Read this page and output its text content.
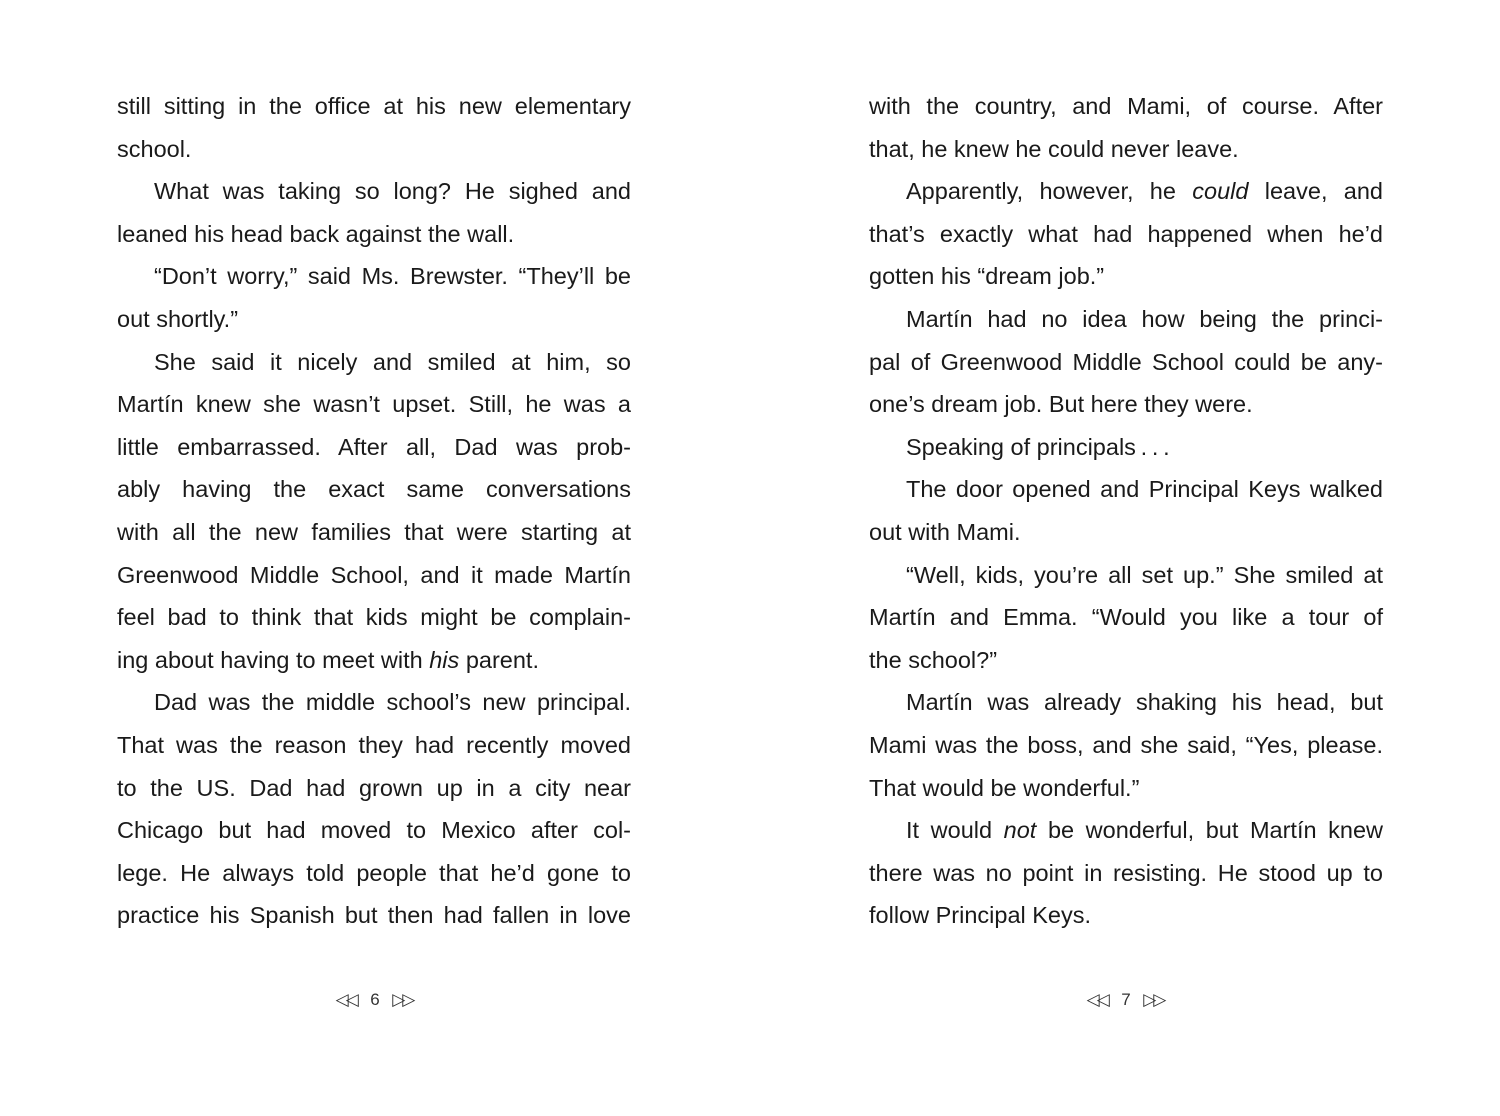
still sitting in the office at his new elementary
school.
What was taking so long? He sighed and
leaned his head back against the wall.
“Don’t worry,” said Ms. Brewster. “They’ll be
out shortly.”
She said it nicely and smiled at him, so
Martín knew she wasn’t upset. Still, he was a
little embarrassed. After all, Dad was prob-
ably having the exact same conversations
with all the new families that were starting at
Greenwood Middle School, and it made Martín
feel bad to think that kids might be complain-
ing about having to meet with his parent.
Dad was the middle school’s new principal.
That was the reason they had recently moved
to the US. Dad had grown up in a city near
Chicago but had moved to Mexico after col-
lege. He always told people that he’d gone to
practice his Spanish but then had fallen in love
◁◁ 6 ▷▷
with the country, and Mami, of course. After
that, he knew he could never leave.
Apparently, however, he could leave, and
that’s exactly what had happened when he’d
gotten his “dream job.”
Martín had no idea how being the princi-
pal of Greenwood Middle School could be any-
one’s dream job. But here they were.
Speaking of principals . . .
The door opened and Principal Keys walked
out with Mami.
“Well, kids, you’re all set up.” She smiled at
Martín and Emma. “Would you like a tour of
the school?”
Martín was already shaking his head, but
Mami was the boss, and she said, “Yes, please.
That would be wonderful.”
It would not be wonderful, but Martín knew
there was no point in resisting. He stood up to
follow Principal Keys.
◁◁ 7 ▷▷
